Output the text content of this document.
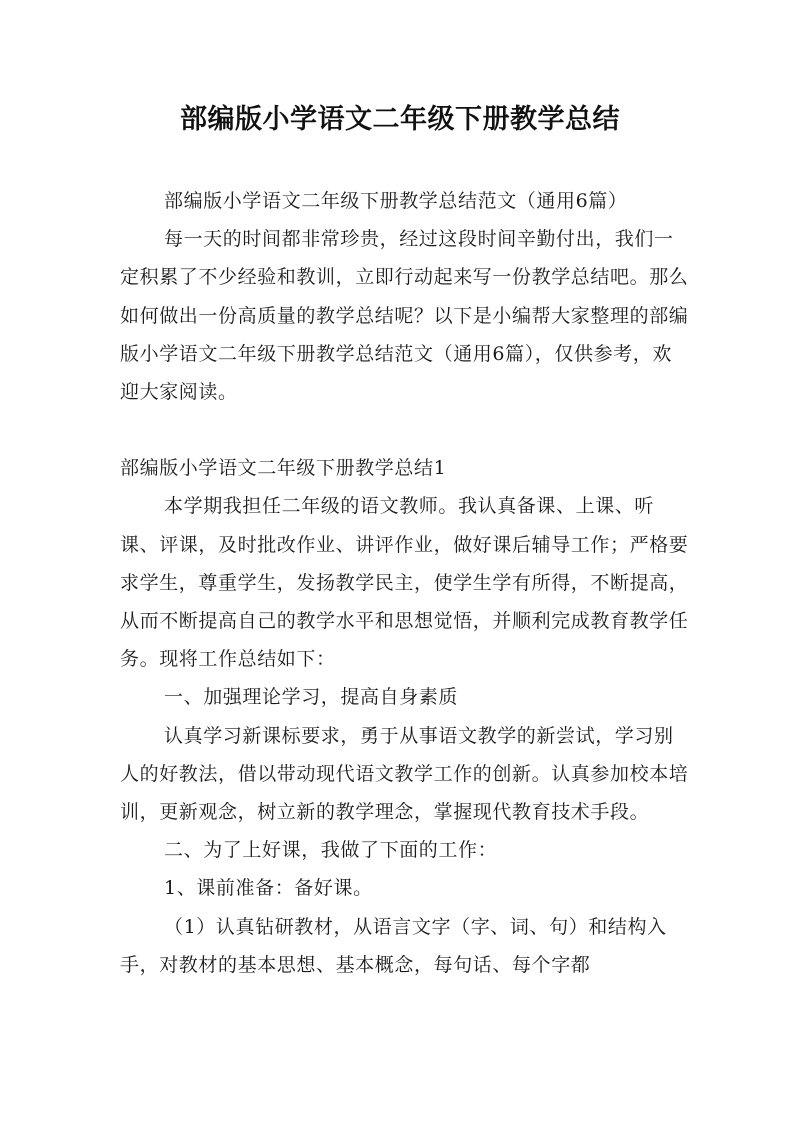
部编版小学语文二年级下册教学总结

部编版小学语文二年级下册教学总结范文（通用6篇）

每一天的时间都非常珍贵，经过这段时间辛勤付出，我们一定积累了不少经验和教训，立即行动起来写一份教学总结吧。那么如何做出一份高质量的教学总结呢？以下是小编帮大家整理的部编版小学语文二年级下册教学总结范文（通用6篇），仅供参考，欢迎大家阅读。

部编版小学语文二年级下册教学总结1

本学期我担任二年级的语文教师。我认真备课、上课、听课、评课，及时批改作业、讲评作业，做好课后辅导工作；严格要求学生，尊重学生，发扬教学民主，使学生学有所得，不断提高，从而不断提高自己的教学水平和思想觉悟，并顺利完成教育教学任务。现将工作总结如下：

一、加强理论学习，提高自身素质

认真学习新课标要求，勇于从事语文教学的新尝试，学习别人的好教法，借以带动现代语文教学工作的创新。认真参加校本培训，更新观念，树立新的教学理念，掌握现代教育技术手段。

二、为了上好课，我做了下面的工作：

1、课前准备：备好课。

（1）认真钻研教材，从语言文字（字、词、句）和结构入手，对教材的基本思想、基本概念，每句话、每个字都
